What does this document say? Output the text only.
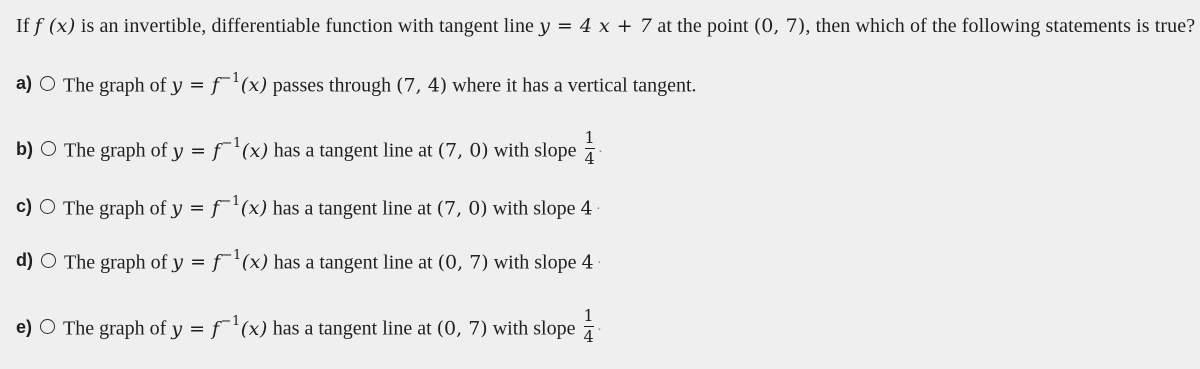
If f (x) is an invertible, differentiable function with tangent line y = 4 x + 7 at the point (0, 7), then which of the following statements is true?
a) The graph of $y = f^{-1}(x)$ passes through (7, 4) where it has a vertical tangent.
b) The graph of $y = f^{-1}(x)$ has a tangent line at (7, 0) with slope $\frac{1}{4}$ .
c) The graph of $y = f^{-1}(x)$ has a tangent line at (7, 0) with slope 4 .
d) The graph of $y = f^{-1}(x)$ has a tangent line at (0, 7) with slope 4 .
e) The graph of $y = f^{-1}(x)$ has a tangent line at (0, 7) with slope $\frac{1}{4}$ .
